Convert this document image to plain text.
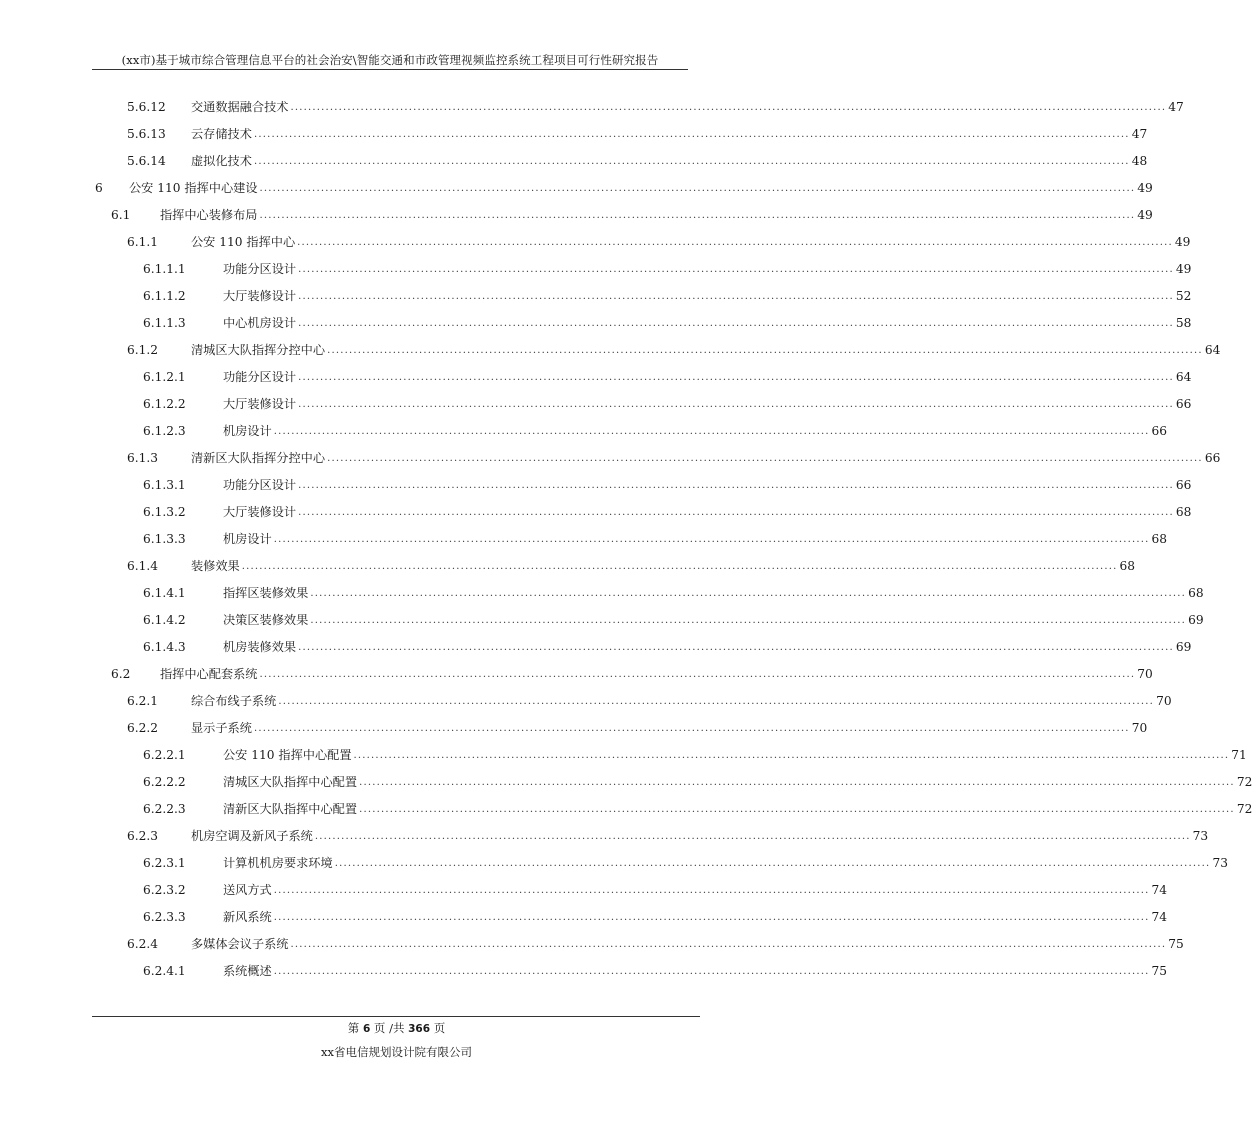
(xx市)基于城市综合管理信息平台的社会治安\智能交通和市政管理视频监控系统工程项目可行性研究报告
5.6.12	交通数据融合技术 ........................................................................................................................................................................................................ 47
5.6.13	云存储技术 ........................................................................................................................................................................................................ 47
5.6.14	虚拟化技术 ........................................................................................................................................................................................................ 48
6	公安 110 指挥中心建设 ........................................................................................................................................................................................................ 49
6.1	指挥中心装修布局 ........................................................................................................................................................................................................ 49
6.1.1	公安 110 指挥中心 ........................................................................................................................................................................................................ 49
6.1.1.1	功能分区设计 ........................................................................................................................................................................................................ 49
6.1.1.2	大厅装修设计 ........................................................................................................................................................................................................ 52
6.1.1.3	中心机房设计 ........................................................................................................................................................................................................ 58
6.1.2	清城区大队指挥分控中心 ........................................................................................................................................................................................................ 64
6.1.2.1	功能分区设计 ........................................................................................................................................................................................................ 64
6.1.2.2	大厅装修设计 ........................................................................................................................................................................................................ 66
6.1.2.3	机房设计 ........................................................................................................................................................................................................ 66
6.1.3	清新区大队指挥分控中心 ........................................................................................................................................................................................................ 66
6.1.3.1	功能分区设计 ........................................................................................................................................................................................................ 66
6.1.3.2	大厅装修设计 ........................................................................................................................................................................................................ 68
6.1.3.3	机房设计 ........................................................................................................................................................................................................ 68
6.1.4	装修效果 ........................................................................................................................................................................................................ 68
6.1.4.1	指挥区装修效果 ........................................................................................................................................................................................................ 68
6.1.4.2	决策区装修效果 ........................................................................................................................................................................................................ 69
6.1.4.3	机房装修效果 ........................................................................................................................................................................................................ 69
6.2	指挥中心配套系统 ........................................................................................................................................................................................................ 70
6.2.1	综合布线子系统 ........................................................................................................................................................................................................ 70
6.2.2	显示子系统 ........................................................................................................................................................................................................ 70
6.2.2.1	公安 110 指挥中心配置 ........................................................................................................................................................................................................ 71
6.2.2.2	清城区大队指挥中心配置 ........................................................................................................................................................................................................ 72
6.2.2.3	清新区大队指挥中心配置 ........................................................................................................................................................................................................ 72
6.2.3	机房空调及新风子系统 ........................................................................................................................................................................................................ 73
6.2.3.1	计算机机房要求环境 ........................................................................................................................................................................................................ 73
6.2.3.2	送风方式 ........................................................................................................................................................................................................ 74
6.2.3.3	新风系统 ........................................................................................................................................................................................................ 74
6.2.4	多媒体会议子系统 ........................................................................................................................................................................................................ 75
6.2.4.1	系统概述 ........................................................................................................................................................................................................ 75
第 6 页 /共 366 页
xx省电信规划设计院有限公司
